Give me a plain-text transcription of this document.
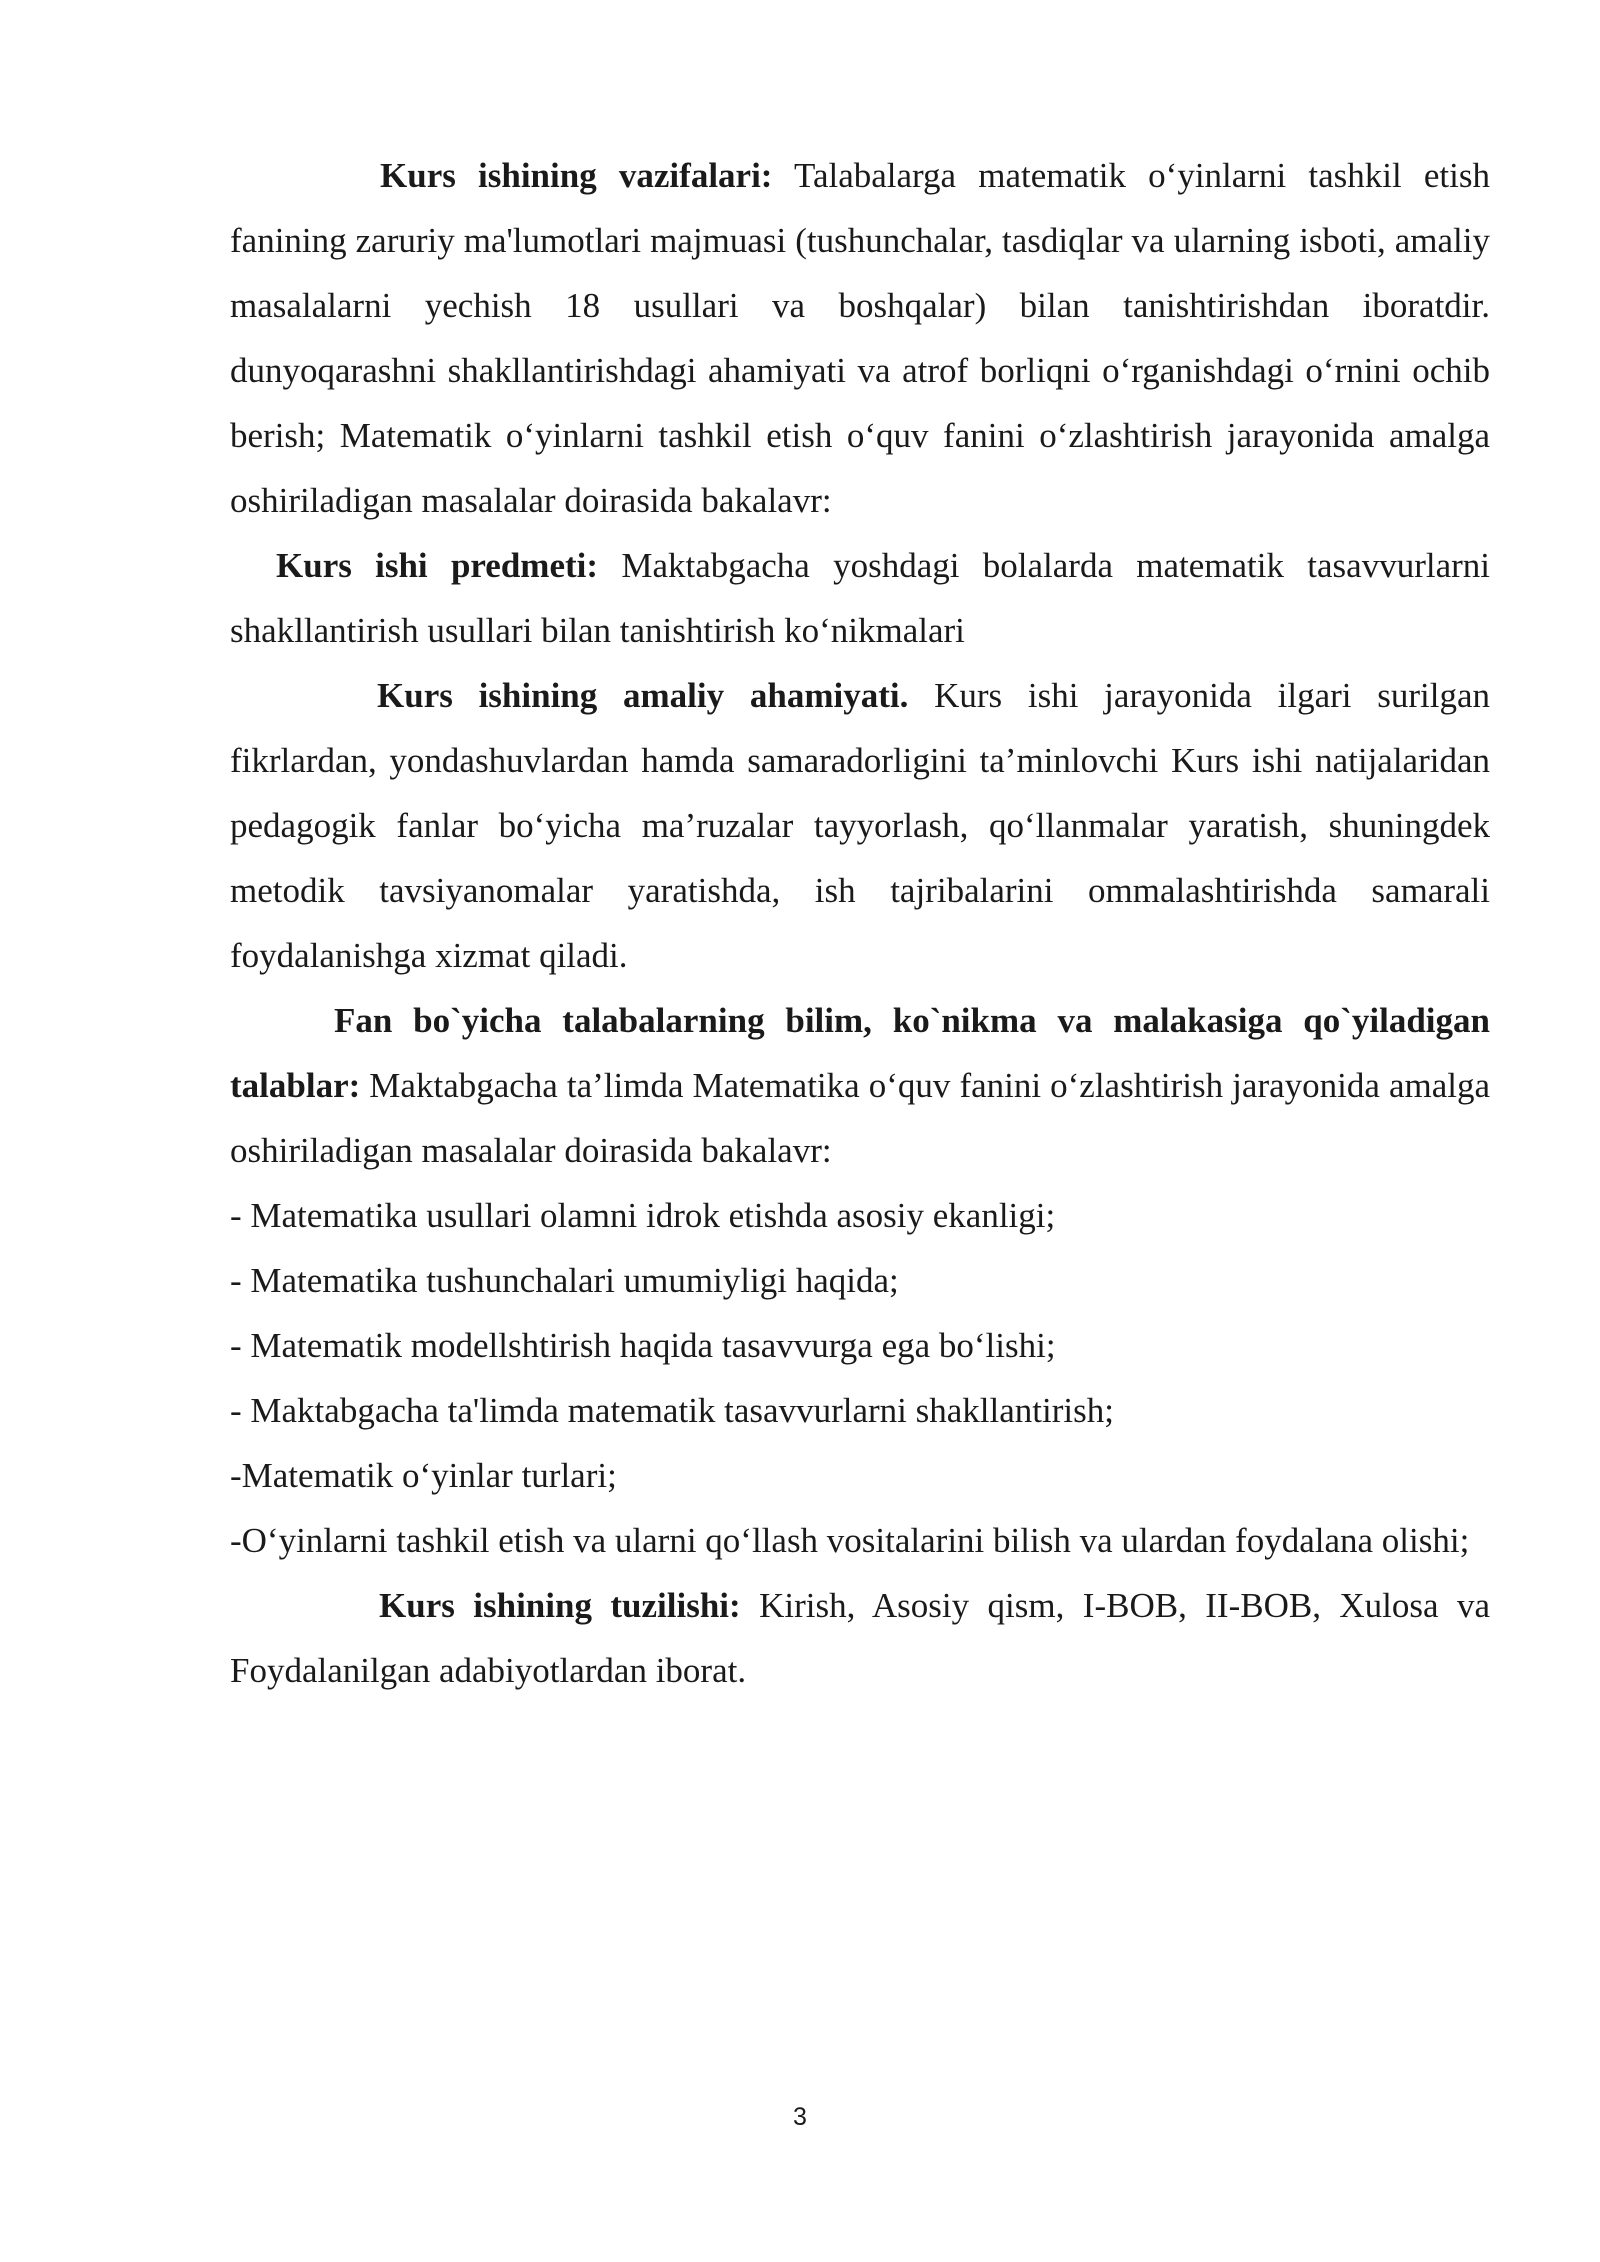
Kurs ishining vazifalari: Talabalarga matematik o‘yinlarni tashkil etish fanining zaruriy ma'lumotlari majmuasi (tushunchalar, tasdiqlar va ularning isboti, amaliy masalalarni yechish 18 usullari va boshqalar) bilan tanishtirishdan iboratdir. dunyoqarashni shakllantirishdagi ahamiyati va atrof borliqni o‘rganishdagi o‘rnini ochib berish; Matematik o‘yinlarni tashkil etish o‘quv fanini o‘zlashtirish jarayonida amalga oshiriladigan masalalar doirasida bakalavr:

Kurs ishi predmeti: Maktabgacha yoshdagi bolalarda matematik tasavvurlarni shakllantirish usullari bilan tanishtirish ko‘nikmalari

Kurs ishining amaliy ahamiyati. Kurs ishi jarayonida ilgari surilgan fikrlardan, yondashuvlardan hamda samaradorligini ta’minlovchi Kurs ishi natijalaridan pedagogik fanlar bo‘yicha ma’ruzalar tayyorlash, qo‘llanmalar yaratish, shuningdek metodik tavsiyanomalar yaratishda, ish tajribalarini ommalashtirishda samarali foydalanishga xizmat qiladi.

Fan bo`yicha talabalarning bilim, ko`nikma va malakasiga qo`yiladigan talablar: Maktabgacha ta’limda Matematika o‘quv fanini o‘zlashtirish jarayonida amalga oshiriladigan masalalar doirasida bakalavr:

- Matematika usullari olamni idrok etishda asosiy ekanligi;
- Matematika tushunchalari umumiyligi haqida;
- Matematik modellshtirish haqida tasavvurga ega bo‘lishi;
- Maktabgacha ta'limda matematik tasavvurlarni shakllantirish;
-Matematik o‘yinlar turlari;
-O‘yinlarni tashkil etish va ularni qo‘llash vositalarini bilish va ulardan foydalana olishi;

Kurs ishining tuzilishi: Kirish, Asosiy qism, I-BOB, II-BOB, Xulosa va Foydalanilgan adabiyotlardan iborat.

3
